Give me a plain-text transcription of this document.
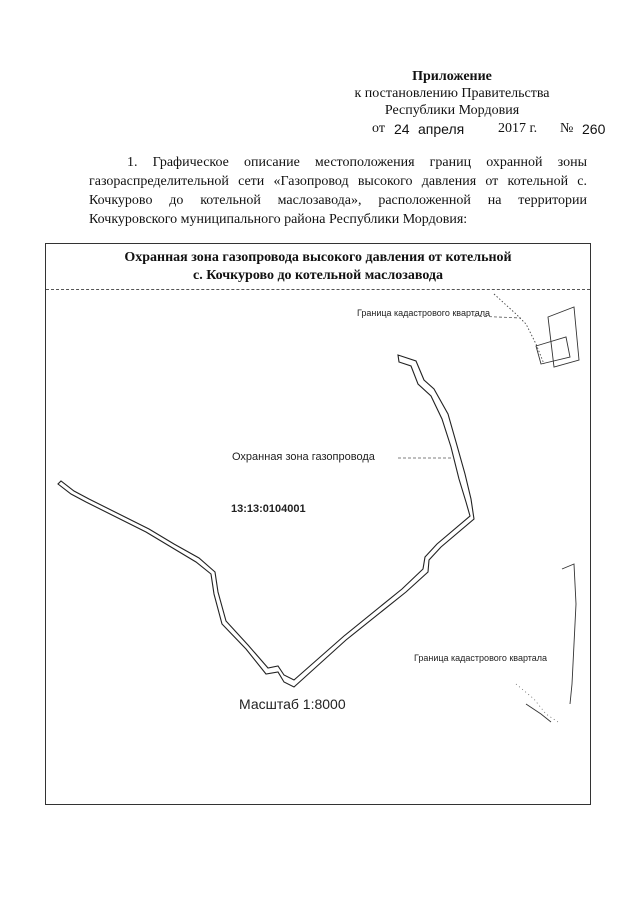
Приложение
к постановлению Правительства
Республики Мордовия
от 24 апреля 2017 г. № 260
1. Графическое описание местоположения границ охранной зоны газораспределительной сети «Газопровод высокого давления от котельной с. Кочкурово до котельной маслозавода», расположенной на территории Кочкуровского муниципального района Республики Мордовия:
Охранная зона газопровода высокого давления от котельной
с. Кочкурово до котельной маслозавода
Граница кадастрового квартала
Охранная зона газопровода
13:13:0104001
Граница кадастрового квартала
Масштаб 1:8000
